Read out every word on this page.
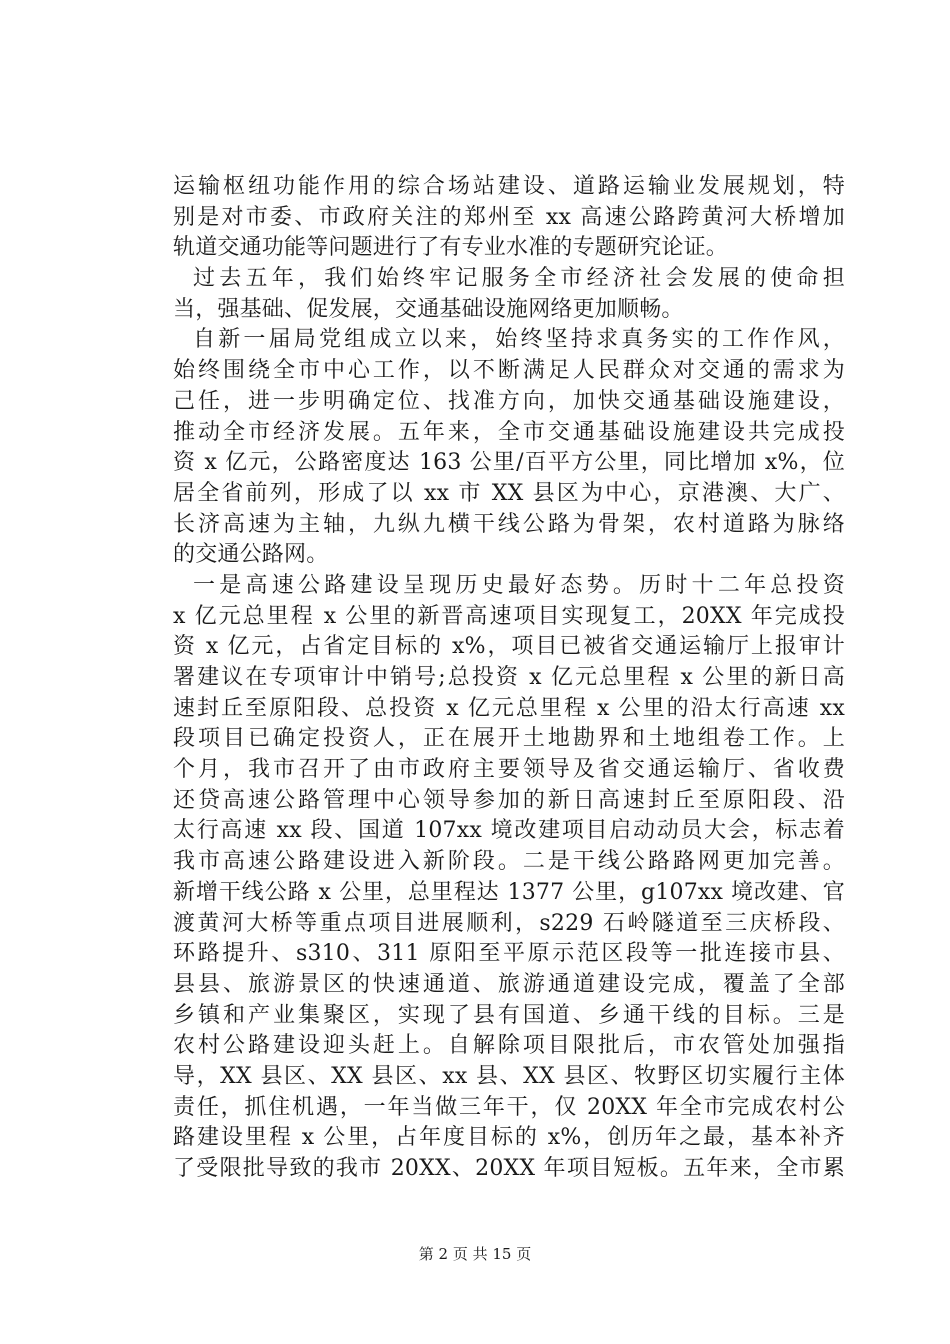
运输枢纽功能作用的综合场站建设、道路运输业发展规划，特
别是对市委、市政府关注的郑州至 xx 高速公路跨黄河大桥增加
轨道交通功能等问题进行了有专业水准的专题研究论证。
过去五年，我们始终牢记服务全市经济社会发展的使命担
当，强基础、促发展，交通基础设施网络更加顺畅。
自新一届局党组成立以来，始终坚持求真务实的工作作风，
始终围绕全市中心工作，以不断满足人民群众对交通的需求为
己任，进一步明确定位、找准方向，加快交通基础设施建设，
推动全市经济发展。五年来，全市交通基础设施建设共完成投
资 x 亿元，公路密度达 163 公里/百平方公里，同比增加 x%，位
居全省前列，形成了以 xx 市 XX 县区为中心，京港澳、大广、
长济高速为主轴，九纵九横干线公路为骨架，农村道路为脉络
的交通公路网。
一是高速公路建设呈现历史最好态势。历时十二年总投资
x 亿元总里程 x 公里的新晋高速项目实现复工，20XX 年完成投
资 x 亿元，占省定目标的 x%，项目已被省交通运输厅上报审计
署建议在专项审计中销号;总投资 x 亿元总里程 x 公里的新日高
速封丘至原阳段、总投资 x 亿元总里程 x 公里的沿太行高速 xx
段项目已确定投资人，正在展开土地勘界和土地组卷工作。上
个月，我市召开了由市政府主要领导及省交通运输厅、省收费
还贷高速公路管理中心领导参加的新日高速封丘至原阳段、沿
太行高速 xx 段、国道 107xx 境改建项目启动动员大会，标志着
我市高速公路建设进入新阶段。二是干线公路路网更加完善。
新增干线公路 x 公里，总里程达 1377 公里，g107xx 境改建、官
渡黄河大桥等重点项目进展顺利，s229 石岭隧道至三庆桥段、
环路提升、s310、311 原阳至平原示范区段等一批连接市县、
县县、旅游景区的快速通道、旅游通道建设完成，覆盖了全部
乡镇和产业集聚区，实现了县有国道、乡通干线的目标。三是
农村公路建设迎头赶上。自解除项目限批后，市农管处加强指
导，XX 县区、XX 县区、xx 县、XX 县区、牧野区切实履行主体
责任，抓住机遇，一年当做三年干，仅 20XX 年全市完成农村公
路建设里程 x 公里，占年度目标的 x%，创历年之最，基本补齐
了受限批导致的我市 20XX、20XX 年项目短板。五年来，全市累
第 2 页 共 15 页
